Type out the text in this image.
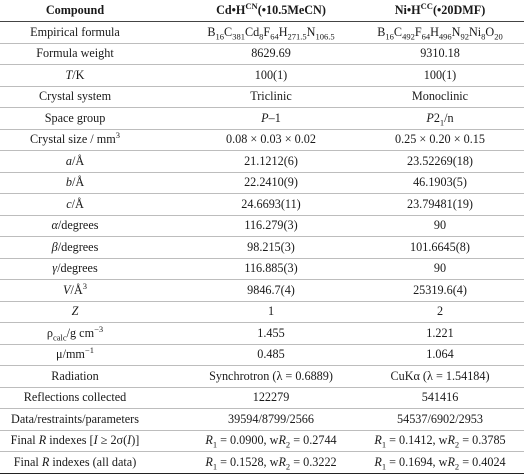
Compound	$Cd•H^{CN}(•10.5MeCN)$	$Ni•H^{CC}(•20DMF)$
Empirical formula	$B_{16}C_{381}Cd_8F_{64}H_{271.5}N_{106.5}$	$B_{16}C_{492}F_{64}H_{496}N_{92}Ni_8O_{20}$
Formula weight	8629.69	9310.18
T/K	100(1)	100(1)
Crystal system	Triclinic	Monoclinic
Space group	P–1	$P2_1/n$
Crystal size / $mm^3$	0.08 × 0.03 × 0.02	0.25 × 0.20 × 0.15
a/Å	21.1212(6)	23.52269(18)
b/Å	22.2410(9)	46.1903(5)
c/Å	24.6693(11)	23.79481(19)
α/degrees	116.279(3)	90
β/degrees	98.215(3)	101.6645(8)
γ/degrees	116.885(3)	90
$V/Å^3$	9846.7(4)	25319.6(4)
Z	1	2
$\rho_{calc}/g$ $cm^{-3}$	1.455	1.221
$\mu/mm^{-1}$	0.485	1.064
Radiation	Synchrotron (λ = 0.6889)	CuKα (λ = 1.54184)
Reflections collected	122279	541416
Data/restraints/parameters	39594/8799/2566	54537/6902/2953
Final R indexes [I ≥ 2σ(I)]	$R_1 = 0.0900$, $wR_2 = 0.2744$	$R_1 = 0.1412$, $wR_2 = 0.3785$
Final R indexes (all data)	$R_1 = 0.1528$, $wR_2 = 0.3222$	$R_1 = 0.1694$, $wR_2 = 0.4024$
